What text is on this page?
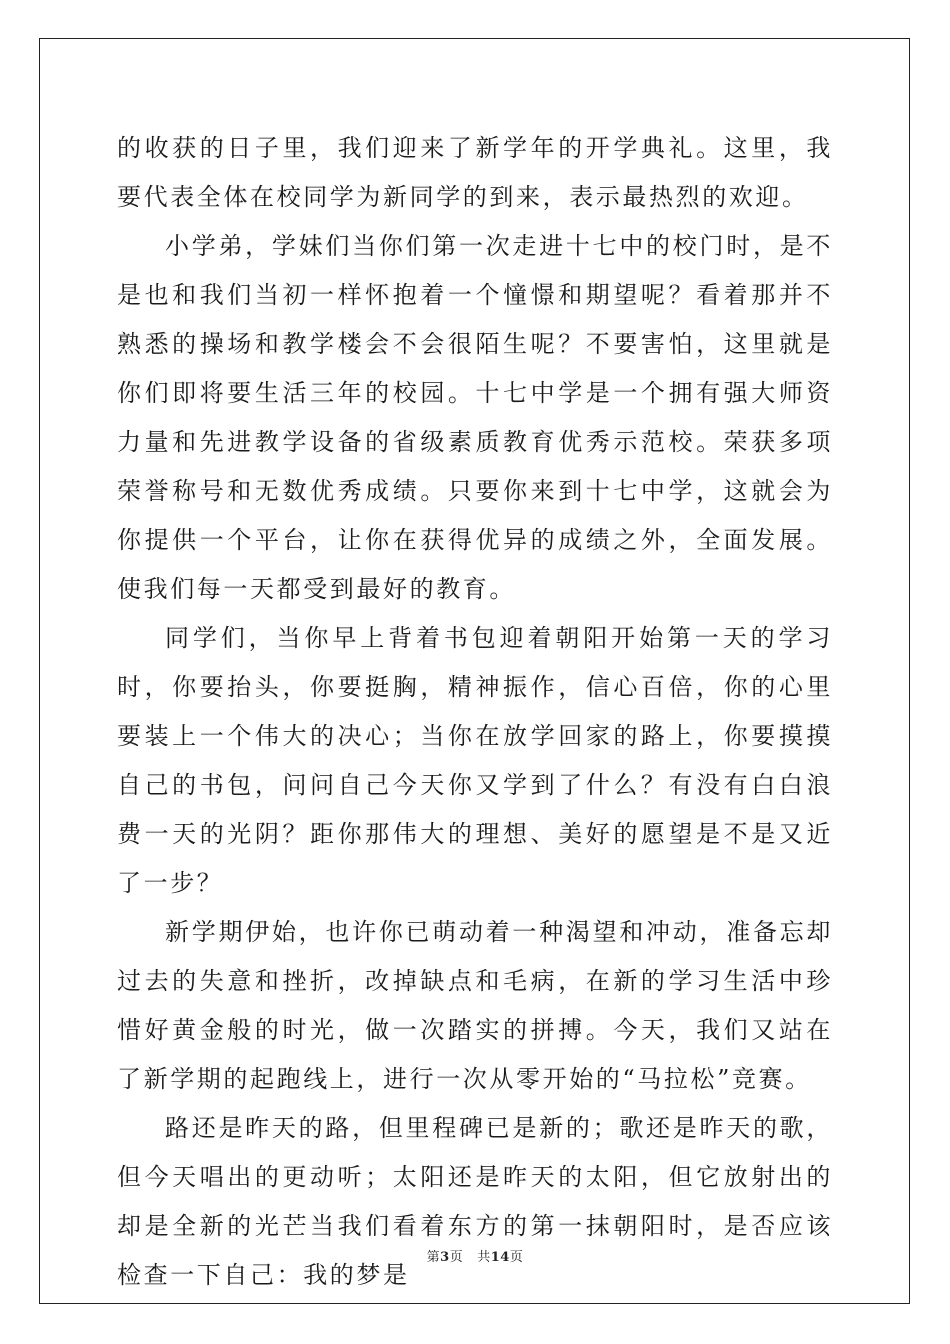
的收获的日子里，我们迎来了新学年的开学典礼。这里，我要代表全体在校同学为新同学的到来，表示最热烈的欢迎。

小学弟，学妹们当你们第一次走进十七中的校门时，是不是也和我们当初一样怀抱着一个憧憬和期望呢？看着那并不熟悉的操场和教学楼会不会很陌生呢？不要害怕，这里就是你们即将要生活三年的校园。十七中学是一个拥有强大师资力量和先进教学设备的省级素质教育优秀示范校。荣获多项荣誉称号和无数优秀成绩。只要你来到十七中学，这就会为你提供一个平台，让你在获得优异的成绩之外，全面发展。使我们每一天都受到最好的教育。

同学们，当你早上背着书包迎着朝阳开始第一天的学习时，你要抬头，你要挺胸，精神振作，信心百倍，你的心里要装上一个伟大的决心；当你在放学回家的路上，你要摸摸自己的书包，问问自己今天你又学到了什么？有没有白白浪费一天的光阴？距你那伟大的理想、美好的愿望是不是又近了一步？

新学期伊始，也许你已萌动着一种渴望和冲动，准备忘却过去的失意和挫折，改掉缺点和毛病，在新的学习生活中珍惜好黄金般的时光，做一次踏实的拼搏。今天，我们又站在了新学期的起跑线上，进行一次从零开始的“马拉松”竞赛。

路还是昨天的路，但里程碑已是新的；歌还是昨天的歌，但今天唱出的更动听；太阳还是昨天的太阳，但它放射出的却是全新的光芒当我们看着东方的第一抹朝阳时，是否应该检查一下自己：我的梦是

第3页 共14页
